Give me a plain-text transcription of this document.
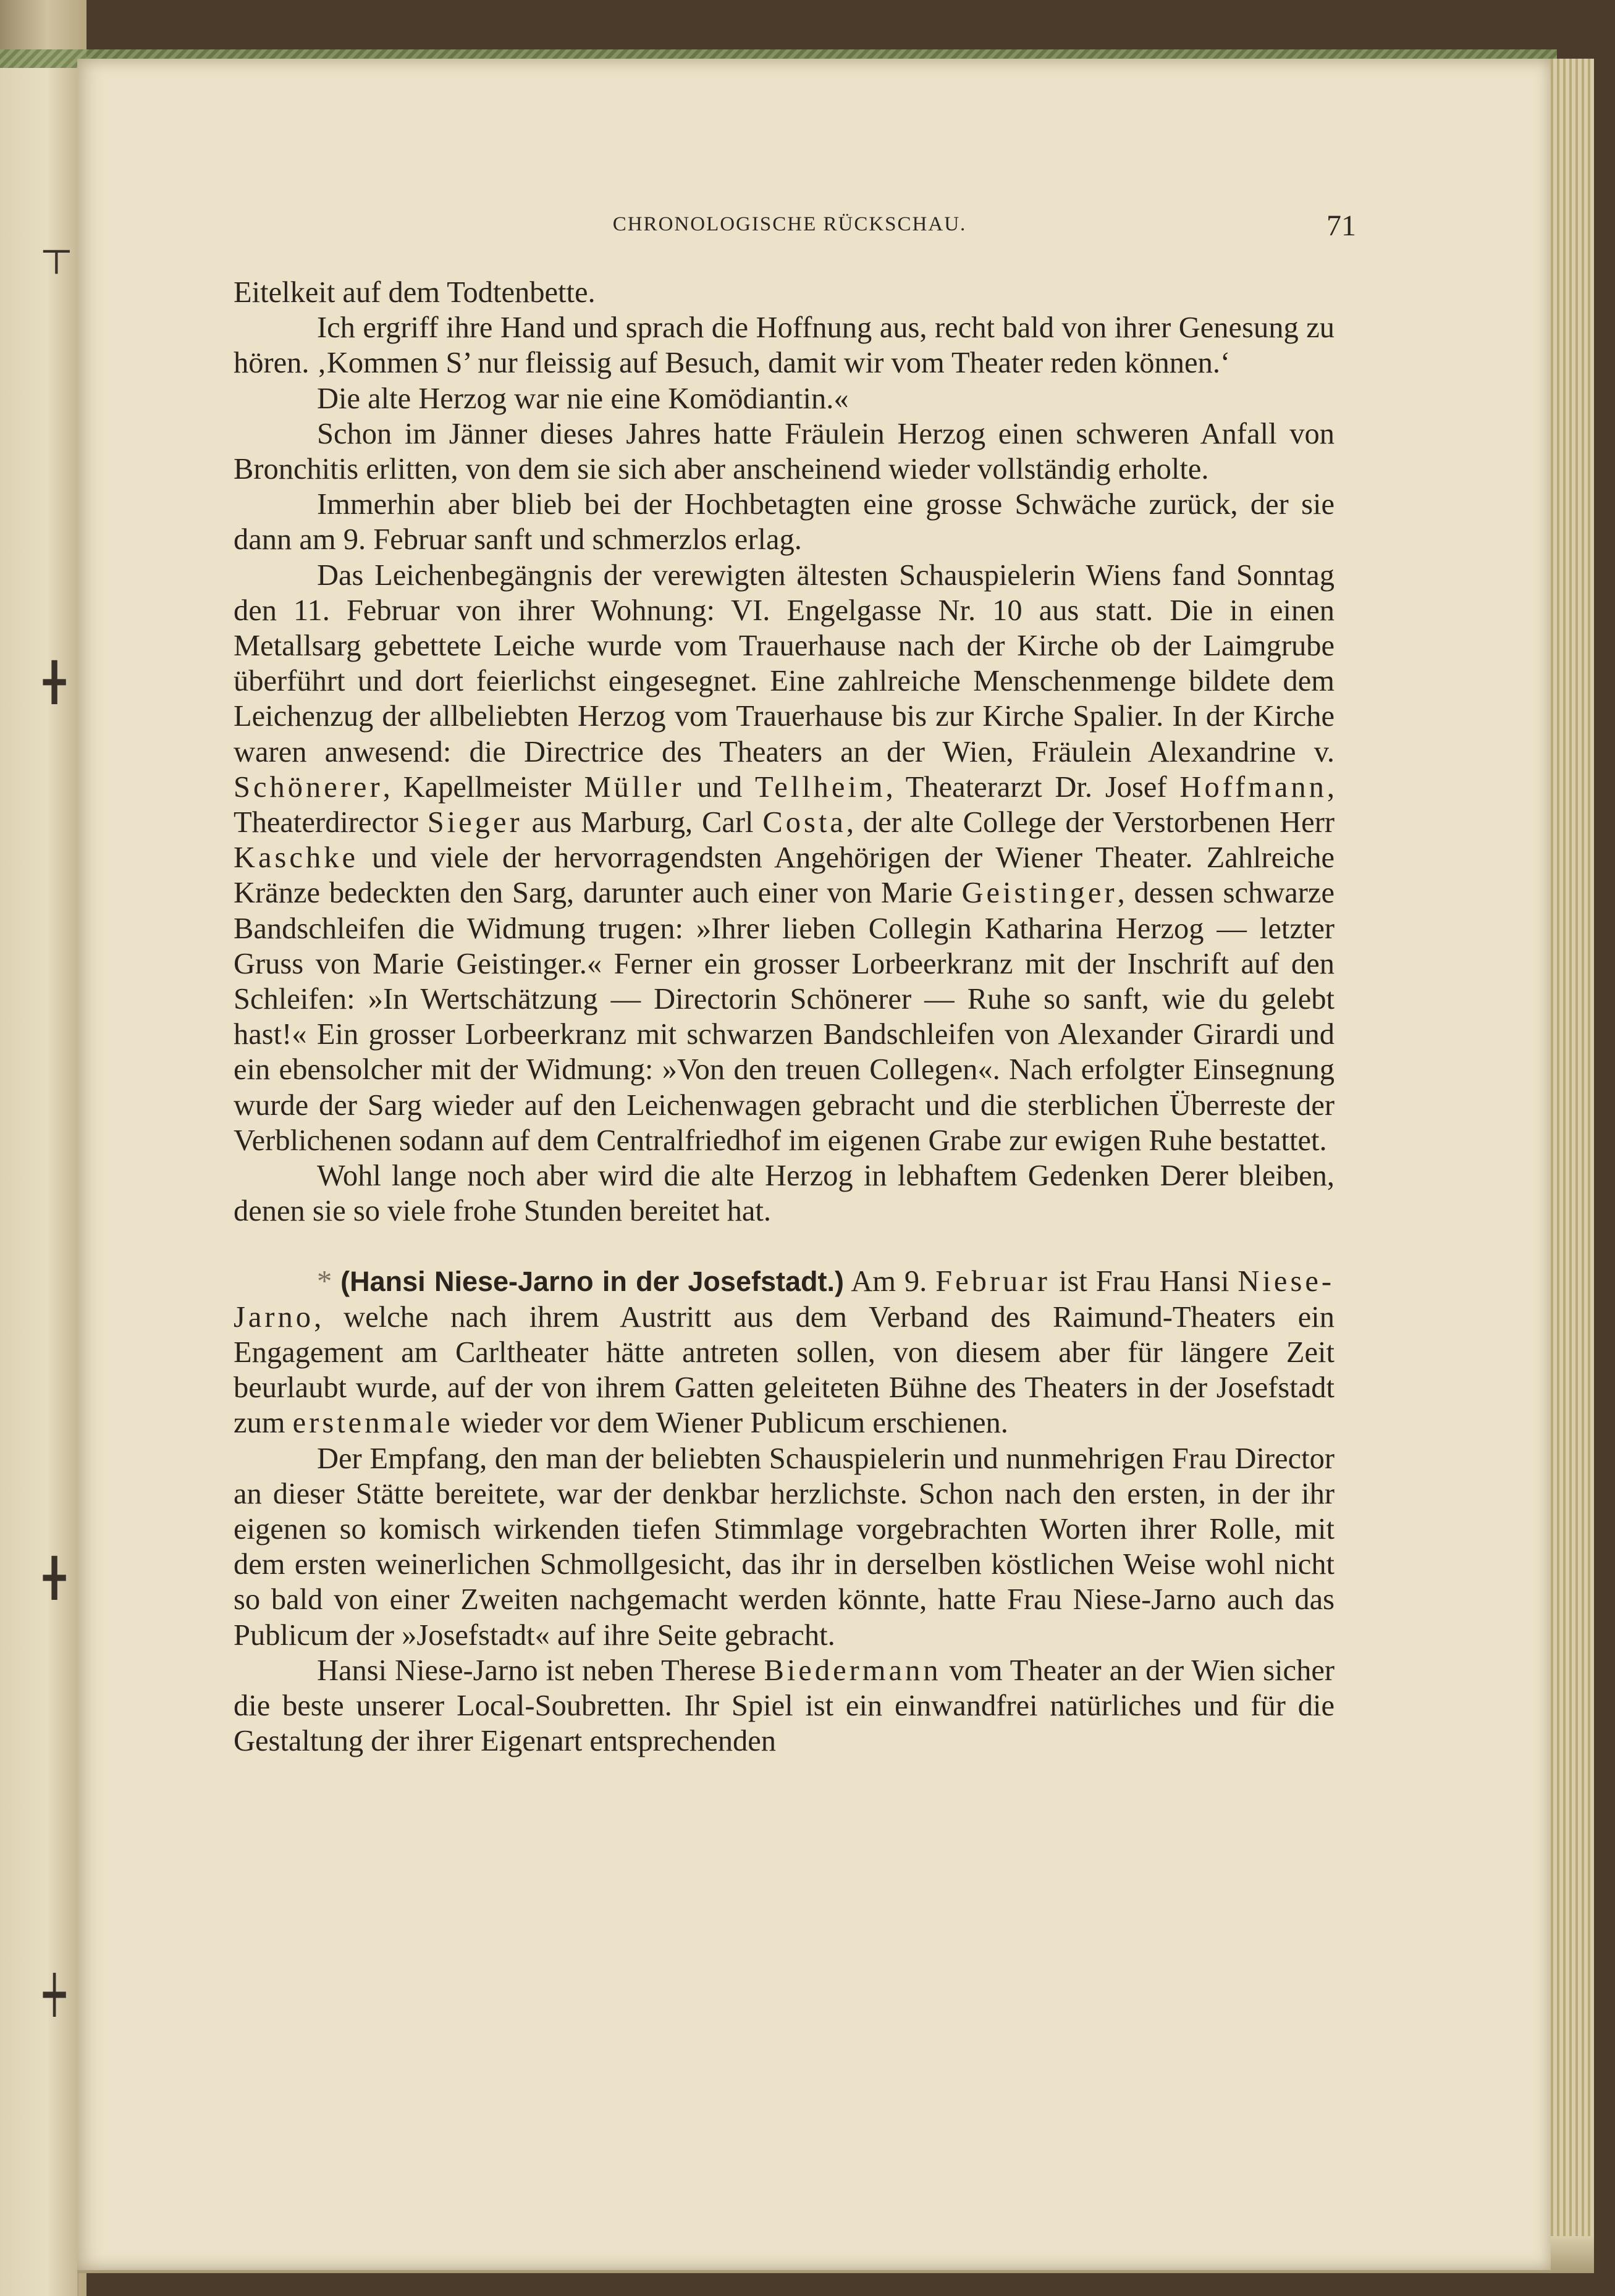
┬
╋
╋
┿
CHRONOLOGISCHE RÜCKSCHAU.	71

Eitelkeit auf dem Todtenbette.

Ich ergriff ihre Hand und sprach die Hoffnung aus, recht bald von ihrer Genesung zu hören. ‚Kommen S’ nur fleissig auf Besuch, damit wir vom Theater reden können.‘

Die alte Herzog war nie eine Komödiantin.«

Schon im Jänner dieses Jahres hatte Fräulein Herzog einen schweren Anfall von Bronchitis erlitten, von dem sie sich aber anscheinend wieder vollständig erholte.

Immerhin aber blieb bei der Hochbetagten eine grosse Schwäche zurück, der sie dann am 9. Februar sanft und schmerzlos erlag.

Das Leichenbegängnis der verewigten ältesten Schauspielerin Wiens fand Sonntag den 11. Februar von ihrer Wohnung: VI. Engelgasse Nr. 10 aus statt. Die in einen Metallsarg gebettete Leiche wurde vom Trauerhause nach der Kirche ob der Laimgrube überführt und dort feierlichst eingesegnet. Eine zahlreiche Menschenmenge bildete dem Leichenzug der allbeliebten Herzog vom Trauerhause bis zur Kirche Spalier. In der Kirche waren anwesend: die Directrice des Theaters an der Wien, Fräulein Alexandrine v. Schönerer, Kapellmeister Müller und Tellheim, Theaterarzt Dr. Josef Hoffmann, Theaterdirector Sieger aus Marburg, Carl Costa, der alte College der Verstorbenen Herr Kaschke und viele der hervorragendsten Angehörigen der Wiener Theater. Zahlreiche Kränze bedeckten den Sarg, darunter auch einer von Marie Geistinger, dessen schwarze Bandschleifen die Widmung trugen: »Ihrer lieben Collegin Katharina Herzog — letzter Gruss von Marie Geistinger.« Ferner ein grosser Lorbeerkranz mit der Inschrift auf den Schleifen: »In Wertschätzung — Directorin Schönerer — Ruhe so sanft, wie du gelebt hast!« Ein grosser Lorbeerkranz mit schwarzen Bandschleifen von Alexander Girardi und ein ebensolcher mit der Widmung: »Von den treuen Collegen«. Nach erfolgter Einsegnung wurde der Sarg wieder auf den Leichenwagen gebracht und die sterblichen Überreste der Verblichenen sodann auf dem Centralfriedhof im eigenen Grabe zur ewigen Ruhe bestattet.

Wohl lange noch aber wird die alte Herzog in lebhaftem Gedenken Derer bleiben, denen sie so viele frohe Stunden bereitet hat.

* (Hansi Niese-Jarno in der Josefstadt.) Am 9. Februar ist Frau Hansi Niese-Jarno, welche nach ihrem Austritt aus dem Verband des Raimund-Theaters ein Engagement am Carltheater hätte antreten sollen, von diesem aber für längere Zeit beurlaubt wurde, auf der von ihrem Gatten geleiteten Bühne des Theaters in der Josefstadt zum erstenmale wieder vor dem Wiener Publicum erschienen.

Der Empfang, den man der beliebten Schauspielerin und nunmehrigen Frau Director an dieser Stätte bereitete, war der denkbar herzlichste. Schon nach den ersten, in der ihr eigenen so komisch wirkenden tiefen Stimmlage vorgebrachten Worten ihrer Rolle, mit dem ersten weinerlichen Schmollgesicht, das ihr in derselben köstlichen Weise wohl nicht so bald von einer Zweiten nachgemacht werden könnte, hatte Frau Niese-Jarno auch das Publicum der »Josefstadt« auf ihre Seite gebracht.

Hansi Niese-Jarno ist neben Therese Biedermann vom Theater an der Wien sicher die beste unserer Local-Soubretten. Ihr Spiel ist ein einwandfrei natürliches und für die Gestaltung der ihrer Eigenart entsprechenden
